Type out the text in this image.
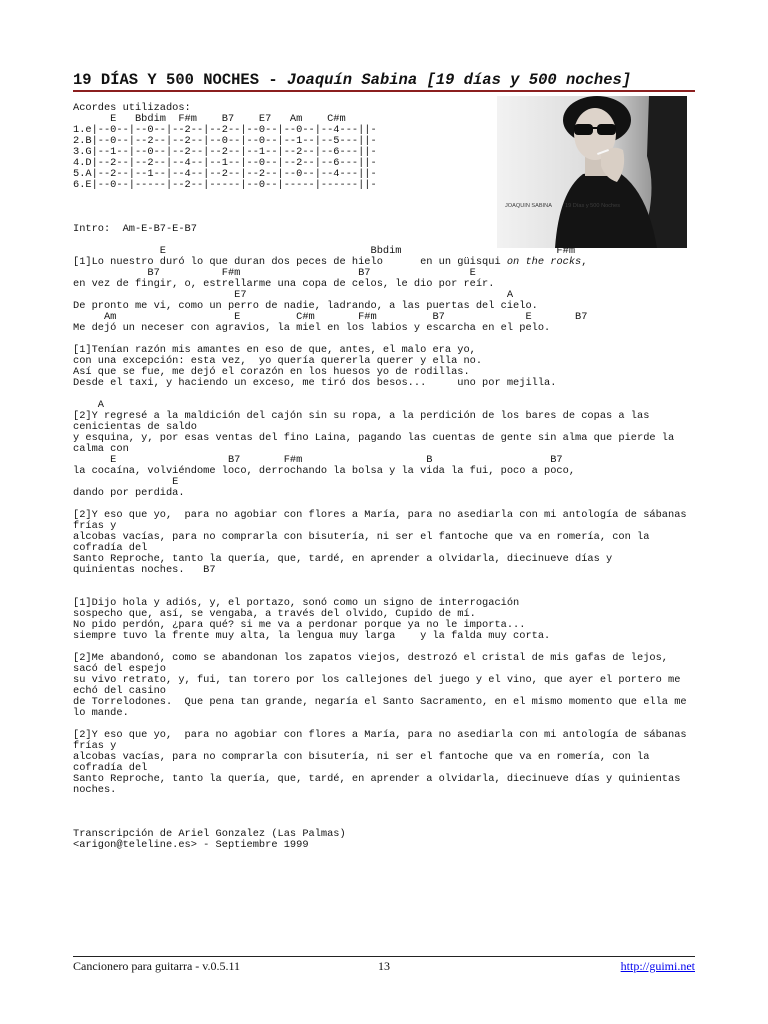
19 DÍAS Y 500 NOCHES - Joaquín Sabina [19 días y 500 noches]
JOAQUIN SABINA 19 Días y 500 Noches
Acordes utilizados:
E   Bbdim  F#m    B7    E7   Am    C#m
1.e|--0--|--0--|--2--|--2--|--0--|--0--|--4---||-
2.B|--0--|--2--|--2--|--0--|--0--|--1--|--5---||-
3.G|--1--|--0--|--2--|--2--|--1--|--2--|--6---||-
4.D|--2--|--2--|--4--|--1--|--0--|--2--|--6---||-
5.A|--2--|--1--|--4--|--2--|--2--|--0--|--4---||-
6.E|--0--|-----|--2--|-----|--0--|-----|------||-
Intro:  Am-E-B7-E-B7
E                                 Bbdim                         F#m
[1]Lo nuestro duró lo que duran dos peces de hielo      en un güisqui on the rocks,
B7          F#m                   B7                E
en vez de fingir, o, estrellarme una copa de celos, le dio por reír.
E7                                          A
De pronto me vi, como un perro de nadie, ladrando, a las puertas del cielo.
Am                   E         C#m       F#m         B7             E       B7
Me dejó un neceser con agravios, la miel en los labios y escarcha en el pelo.
[1]Tenían razón mis amantes en eso de que, antes, el malo era yo,
con una excepción: esta vez,  yo quería quererla querer y ella no.
Así que se fue, me dejó el corazón en los huesos yo de rodillas.
Desde el taxi, y haciendo un exceso, me tiró dos besos...     uno por mejilla.
A
[2]Y regresé a la maldición del cajón sin su ropa, a la perdición de los bares de copas a las
cenicientas de saldo
y esquina, y, por esas ventas del fino Laina, pagando las cuentas de gente sin alma que pierde la
calma con
E                  B7       F#m                    B                   B7
la cocaína, volviéndome loco, derrochando la bolsa y la vida la fui, poco a poco,
E
dando por perdida.
[2]Y eso que yo,  para no agobiar con flores a María, para no asediarla con mi antología de sábanas
frías y
alcobas vacías, para no comprarla con bisutería, ni ser el fantoche que va en romería, con la
cofradía del
Santo Reproche, tanto la quería, que, tardé, en aprender a olvidarla, diecinueve días y
quinientas noches.   B7
[1]Dijo hola y adiós, y, el portazo, sonó como un signo de interrogación
sospecho que, así, se vengaba, a través del olvido, Cupido de mí.
No pido perdón, ¿para qué? si me va a perdonar porque ya no le importa...
siempre tuvo la frente muy alta, la lengua muy larga    y la falda muy corta.
[2]Me abandonó, como se abandonan los zapatos viejos, destrozó el cristal de mis gafas de lejos,
sacó del espejo
su vivo retrato, y, fui, tan torero por los callejones del juego y el vino, que ayer el portero me
echó del casino
de Torrelodones.  Que pena tan grande, negaría el Santo Sacramento, en el mismo momento que ella me
lo mande.
[2]Y eso que yo,  para no agobiar con flores a María, para no asediarla con mi antología de sábanas
frías y
alcobas vacías, para no comprarla con bisutería, ni ser el fantoche que va en romería, con la
cofradía del
Santo Reproche, tanto la quería, que, tardé, en aprender a olvidarla, diecinueve días y quinientas
noches.
Transcripción de Ariel Gonzalez (Las Palmas)
<arigon@teleline.es> - Septiembre 1999
Cancionero para guitarra - v.0.5.11	13	http://guimi.net
